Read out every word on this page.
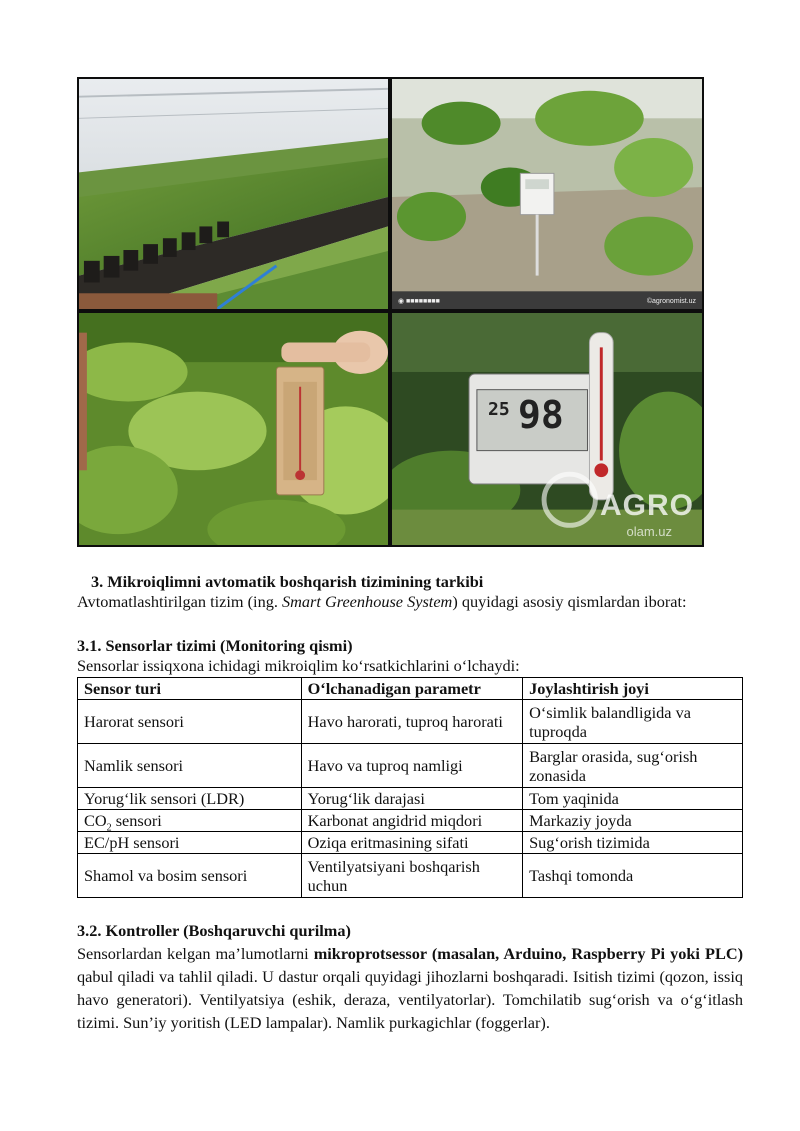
◉ ■■■■■■■■	©agronomist.uz
25 98
AGRO
olam.uz
3. Mikroiqlimni avtomatik boshqarish tizimining tarkibi
Avtomatlashtirilgan tizim (ing. Smart Greenhouse System) quyidagi asosiy qismlardan iborat:
3.1. Sensorlar tizimi (Monitoring qismi)
Sensorlar issiqxona ichidagi mikroiqlim koʻrsatkichlarini oʻlchaydi:
Sensor turi	Oʻlchanadigan parametr	Joylashtirish joyi
Harorat sensori	Havo harorati, tuproq harorati	Oʻsimlik balandligida va tuproqda
Namlik sensori	Havo va tuproq namligi	Barglar orasida, sugʻorish zonasida
Yorugʻlik sensori (LDR)	Yorugʻlik darajasi	Tom yaqinida
$CO_2$ sensori	Karbonat angidrid miqdori	Markaziy joyda
EC/pH sensori	Oziqa eritmasining sifati	Sugʻorish tizimida
Shamol va bosim sensori	Ventilyatsiyani boshqarish uchun	Tashqi tomonda
3.2. Kontroller (Boshqaruvchi qurilma)
Sensorlardan kelgan maʼlumotlarni mikroprotsessor (masalan, Arduino, Raspberry Pi yoki PLC) qabul qiladi va tahlil qiladi. U dastur orqali quyidagi jihozlarni boshqaradi. Isitish tizimi (qozon, issiq havo generatori). Ventilyatsiya (eshik, deraza, ventilyatorlar). Tomchilatib sugʻorish va oʻgʻitlash tizimi. Sunʼiy yoritish (LED lampalar). Namlik purkagichlar (foggerlar).
